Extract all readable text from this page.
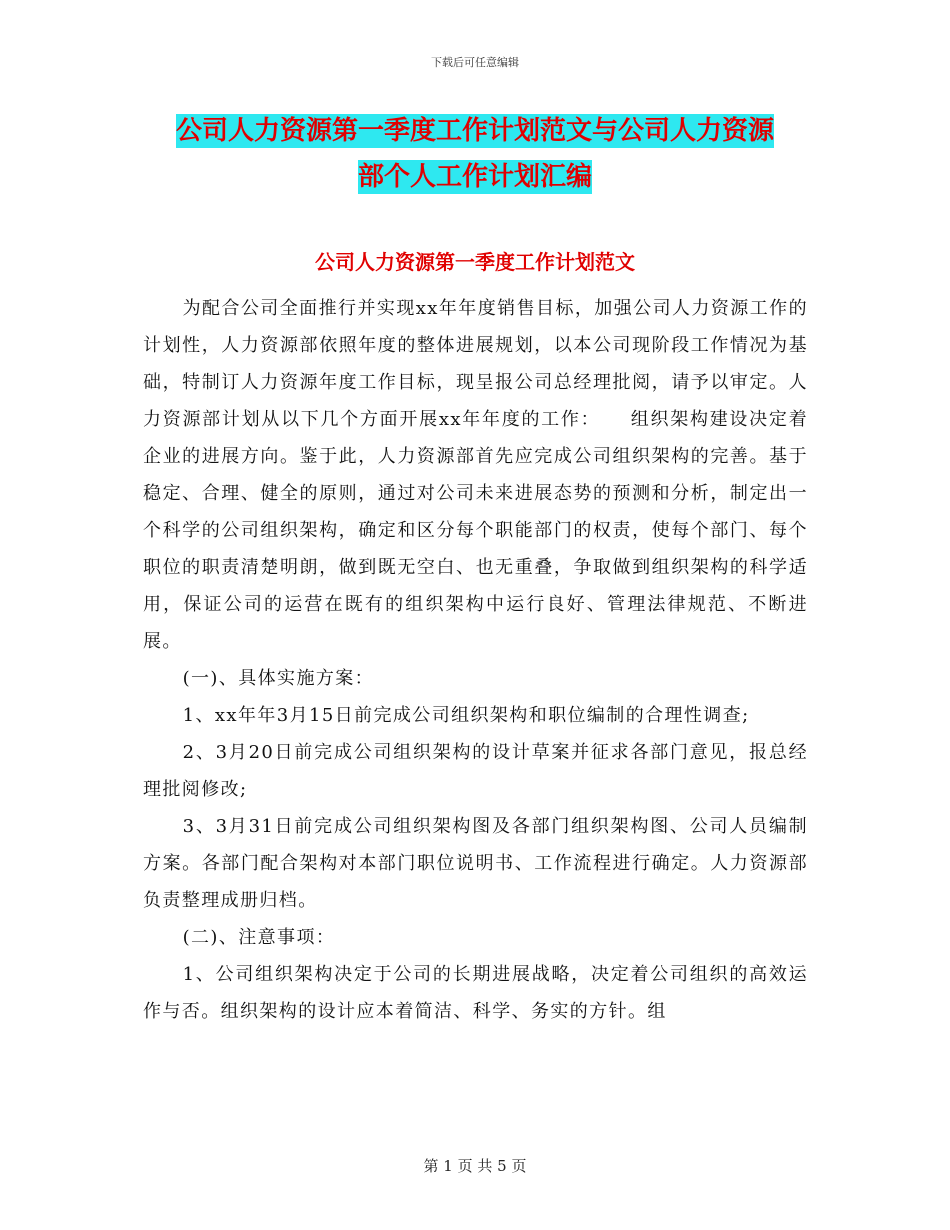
下载后可任意编辑
公司人力资源第一季度工作计划范文与公司人力资源
部个人工作计划汇编
公司人力资源第一季度工作计划范文

为配合公司全面推行并实现xx年年度销售目标，加强公司人力资源工作的计划性，人力资源部依照年度的整体进展规划，以本公司现阶段工作情况为基础，特制订人力资源年度工作目标，现呈报公司总经理批阅，请予以审定。人力资源部计划从以下几个方面开展xx年年度的工作：　　组织架构建设决定着企业的进展方向。鉴于此，人力资源部首先应完成公司组织架构的完善。基于稳定、合理、健全的原则，通过对公司未来进展态势的预测和分析，制定出一个科学的公司组织架构，确定和区分每个职能部门的权责，使每个部门、每个职位的职责清楚明朗，做到既无空白、也无重叠，争取做到组织架构的科学适用，保证公司的运营在既有的组织架构中运行良好、管理法律规范、不断进展。

(一)、具体实施方案：

1、xx年年3月15日前完成公司组织架构和职位编制的合理性调查;

2、3月20日前完成公司组织架构的设计草案并征求各部门意见，报总经理批阅修改;

3、3月31日前完成公司组织架构图及各部门组织架构图、公司人员编制方案。各部门配合架构对本部门职位说明书、工作流程进行确定。人力资源部负责整理成册归档。

(二)、注意事项：

1、公司组织架构决定于公司的长期进展战略，决定着公司组织的高效运作与否。组织架构的设计应本着简洁、科学、务实的方针。组

第 1 页 共 5 页
